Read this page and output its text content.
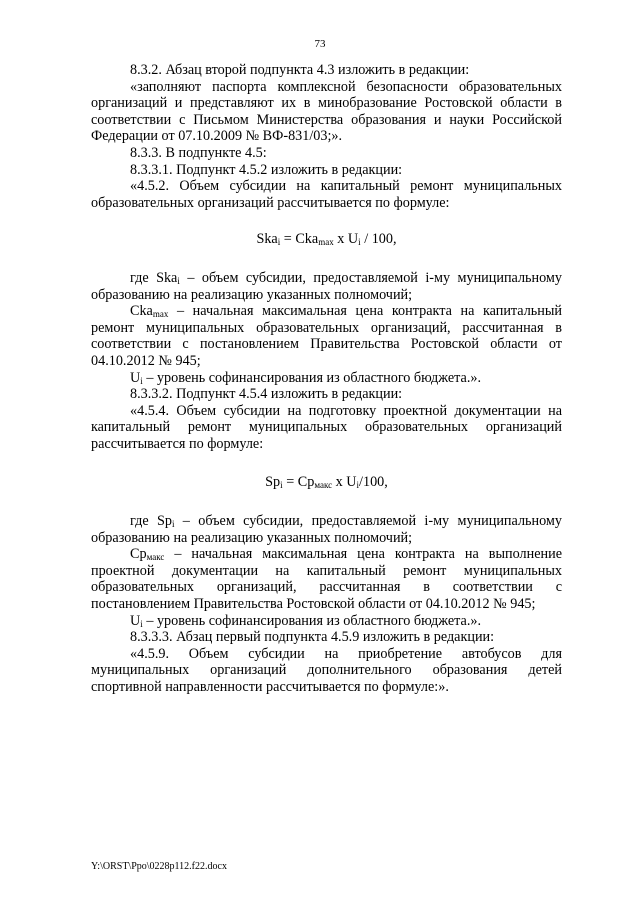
73

8.3.2. Абзац второй подпункта 4.3 изложить в редакции:

«заполняют паспорта комплексной безопасности образовательных организаций и представляют их в минобразование Ростовской области в соответствии с Письмом Министерства образования и науки Российской Федерации от 07.10.2009 № ВФ-831/03;».

8.3.3. В подпункте 4.5:

8.3.3.1. Подпункт 4.5.2 изложить в редакции:

«4.5.2. Объем субсидии на капитальный ремонт муниципальных образовательных организаций рассчитывается по формуле:

Ska$_i$ = Cka$_{max}$ x $U_i / 100$,

где Ska$_i$ – объем субсидии, предоставляемой i-му муниципальному образованию на реализацию указанных полномочий;

Cka$_{max}$ – начальная максимальная цена контракта на капитальный ремонт муниципальных образовательных организаций, рассчитанная в соответствии с постановлением Правительства Ростовской области от 04.10.2012 № 945;

$U_i$ – уровень софинансирования из областного бюджета.».

8.3.3.2. Подпункт 4.5.4 изложить в редакции:

«4.5.4. Объем субсидии на подготовку проектной документации на капитальный ремонт муниципальных образовательных организаций рассчитывается по формуле:

$Sp_i = Cp_{макс}$ x $U_i/100$,

где $Sp_i$ – объем субсидии, предоставляемой i-му муниципальному образованию на реализацию указанных полномочий;

$Cp_{макс}$ – начальная максимальная цена контракта на выполнение проектной документации на капитальный ремонт муниципальных образовательных организаций, рассчитанная в соответствии с постановлением Правительства Ростовской области от 04.10.2012 № 945;

$U_i$ – уровень софинансирования из областного бюджета.».

8.3.3.3. Абзац первый подпункта 4.5.9 изложить в редакции:

«4.5.9. Объем субсидии на приобретение автобусов для муниципальных организаций дополнительного образования детей спортивной направленности рассчитывается по формуле:».

Y:\ORST\Ppo\0228p112.f22.docx
